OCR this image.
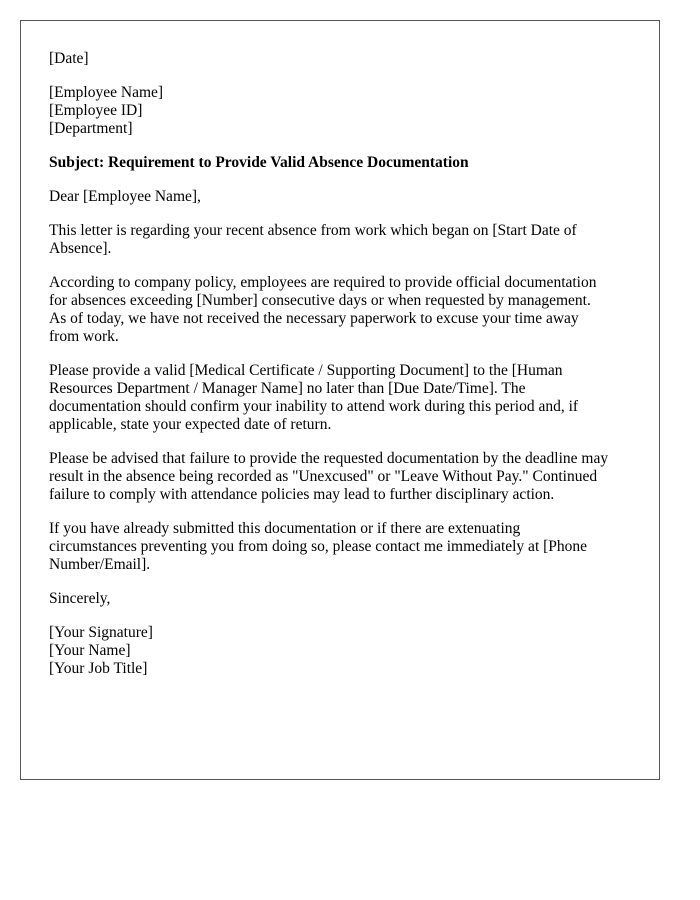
[Date]
[Employee Name]
[Employee ID]
[Department]
Subject: Requirement to Provide Valid Absence Documentation
Dear [Employee Name],

This letter is regarding your recent absence from work which began on [Start Date of Absence].

According to company policy, employees are required to provide official documentation for absences exceeding [Number] consecutive days or when requested by management. As of today, we have not received the necessary paperwork to excuse your time away from work.

Please provide a valid [Medical Certificate / Supporting Document] to the [Human Resources Department / Manager Name] no later than [Due Date/Time]. The documentation should confirm your inability to attend work during this period and, if applicable, state your expected date of return.

Please be advised that failure to provide the requested documentation by the deadline may result in the absence being recorded as "Unexcused" or "Leave Without Pay." Continued failure to comply with attendance policies may lead to further disciplinary action.

If you have already submitted this documentation or if there are extenuating circumstances preventing you from doing so, please contact me immediately at [Phone Number/Email].

Sincerely,
[Your Signature]
[Your Name]
[Your Job Title]
